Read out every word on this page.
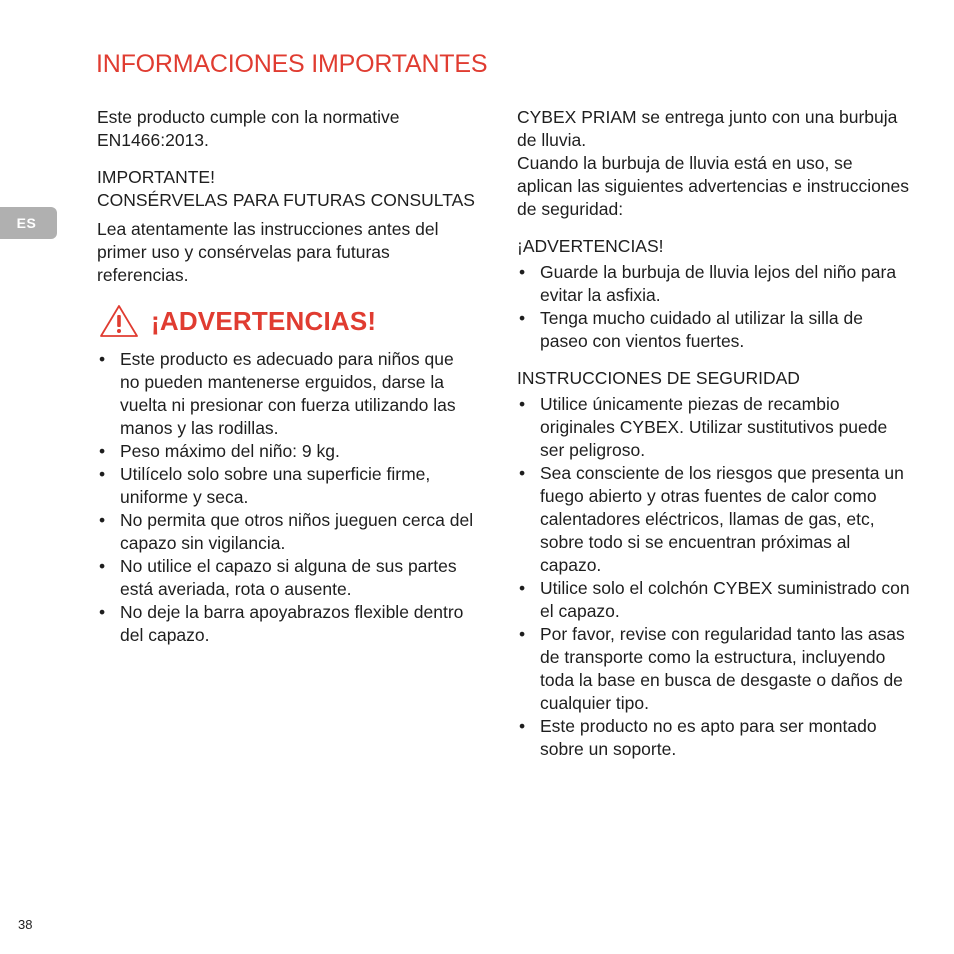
INFORMACIONES IMPORTANTES
ES

Este producto cumple con la normative EN1466:2013.

IMPORTANTE!

CONSÉRVELAS PARA FUTURAS CONSULTAS

Lea atentamente las instrucciones antes del primer uso y consérvelas para futuras referencias.

¡ADVERTENCIAS!
• Este producto es adecuado para niños que no pueden mantenerse erguidos, darse la vuelta ni presionar con fuerza utilizando las manos y las rodillas.
• Peso máximo del niño: 9 kg.
• Utilícelo solo sobre una superficie firme, uniforme y seca.
• No permita que otros niños jueguen cerca del capazo sin vigilancia.
• No utilice el capazo si alguna de sus partes está averiada, rota o ausente.
• No deje la barra apoyabrazos flexible dentro del capazo.

CYBEX PRIAM se entrega junto con una burbuja de lluvia.

Cuando la burbuja de lluvia está en uso, se aplican las siguientes advertencias e instrucciones de seguridad:

¡ADVERTENCIAS!

• Guarde la burbuja de lluvia lejos del niño para evitar la asfixia.
• Tenga mucho cuidado al utilizar la silla de paseo con vientos fuertes.

INSTRUCCIONES DE SEGURIDAD

• Utilice únicamente piezas de recambio originales CYBEX. Utilizar sustitutivos puede ser peligroso.
• Sea consciente de los riesgos que presenta un fuego abierto y otras fuentes de calor como calentadores eléctricos, llamas de gas, etc, sobre todo si se encuentran próximas al capazo.
• Utilice solo el colchón CYBEX suministrado con el capazo.
• Por favor, revise con regularidad tanto las asas de transporte como la estructura, incluyendo toda la base en busca de desgaste o daños de cualquier tipo.
• Este producto no es apto para ser montado sobre un soporte.
38
